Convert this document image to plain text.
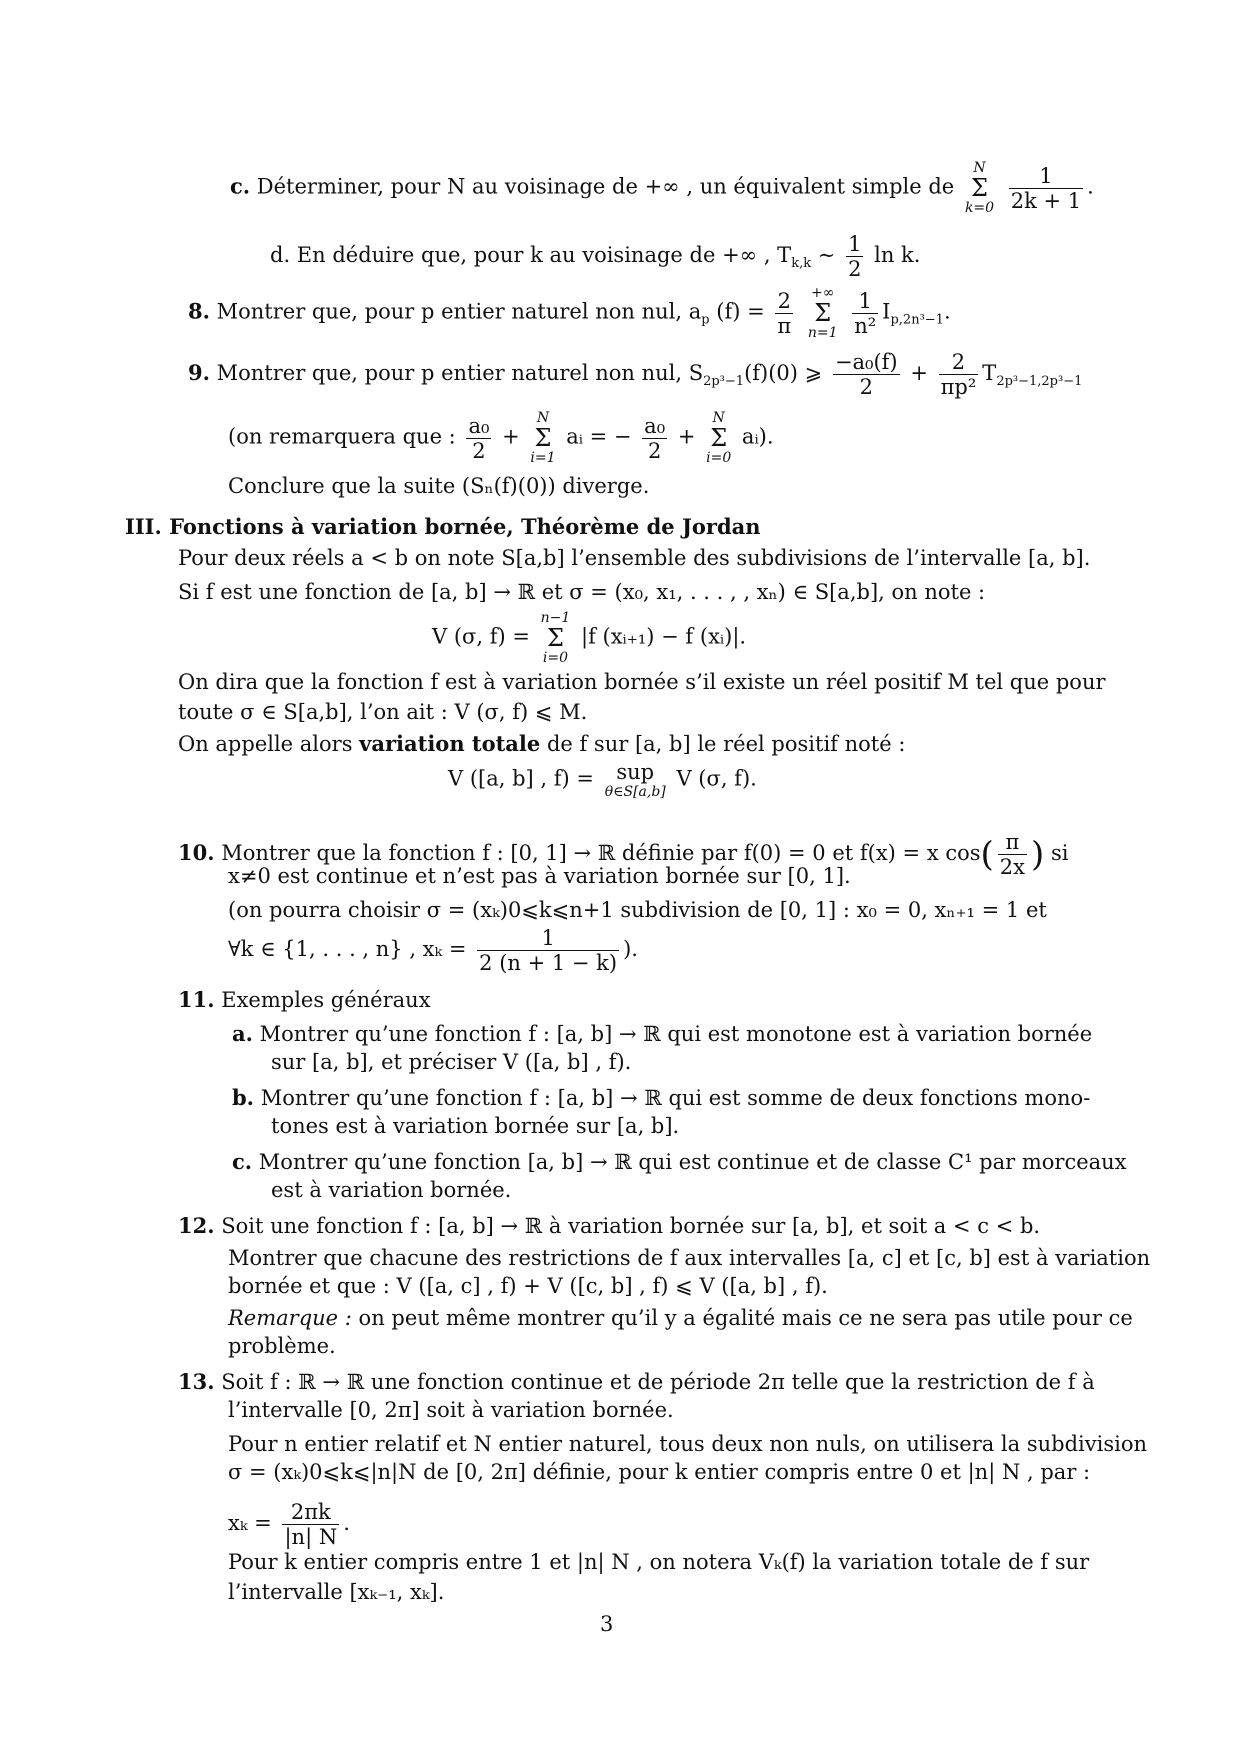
c. Déterminer, pour N au voisinage de +∞ , un équivalent simple de
N
Σ
k=0
$\frac{1}{2k + 1}$ .
d. En déduire que, pour k au voisinage de +∞ , $T_{k,k}$ ∼ $\frac{1}{2}$ ln k.
8. Montrer que, pour p entier naturel non nul, $a_p$ $(f) = \frac{2}{\pi}$
+∞
Σ
n=1
$\frac{1}{\text{n²}} I_{p,2n^3-1}$.
9. Montrer que, pour p entier naturel non nul, $S_{2p^3-1}(f)(0)$ ⩾ $\frac{\text{−a₀(f)}}{2} + \frac{2}{\text{πp²}} T_{2p^3-1,2p^3-1}$
(on remarquera que : $\frac{\text{a₀}}{2}$ +
N
Σ
i=1
aᵢ = − $\frac{\text{a₀}}{2}$ +
N
Σ
i=0
aᵢ).
Conclure que la suite (Sₙ(f)(0)) diverge.
III. Fonctions à variation bornée, Théorème de Jordan
Pour deux réels a < b on note S[a,b] l’ensemble des subdivisions de l’intervalle [a, b].
Si f est une fonction de [a, b] → ℝ et σ = (x₀, x₁, . . . , , xₙ) ∈ S[a,b], on note :
V (σ, f) =
n−1
Σ
i=0
|f (xᵢ₊₁) − f (xᵢ)|.
On dira que la fonction f est à variation bornée s’il existe un réel positif M tel que pour
toute σ ∈ S[a,b], l’on ait : V (σ, f) ⩽ M.
On appelle alors variation totale de f sur [a, b] le réel positif noté :
V ([a, b] , f) =	sup
θ∈S[a,b]
V (σ, f).
10. Montrer que la fonction f : [0, 1] → ℝ définie par f(0) = 0 et f(x) = x $\cos( \frac{\pi}{2x}$ ) si
x≠0 est continue et n’est pas à variation bornée sur [0, 1].
(on pourra choisir σ = (xₖ)0⩽k⩽n+1 subdivision de [0, 1] : x₀ = 0, xₙ₊₁ = 1 et
∀k ∈ {1, . . . , n} , $x_k = \frac{1}{2 (n + 1 - k)}$ ).
11. Exemples généraux
a. Montrer qu’une fonction f : [a, b] → ℝ qui est monotone est à variation bornée
sur [a, b], et préciser V ([a, b] , f).
b. Montrer qu’une fonction f : [a, b] → ℝ qui est somme de deux fonctions mono-
tones est à variation bornée sur [a, b].
c. Montrer qu’une fonction [a, b] → ℝ qui est continue et de classe C¹ par morceaux
est à variation bornée.
12. Soit une fonction f : [a, b] → ℝ à variation bornée sur [a, b], et soit a < c < b.
Montrer que chacune des restrictions de f aux intervalles [a, c] et [c, b] est à variation
bornée et que : V ([a, c] , f) + V ([c, b] , f) ⩽ V ([a, b] , f).
Remarque : on peut même montrer qu’il y a égalité mais ce ne sera pas utile pour ce
problème.
13. Soit f : ℝ → ℝ une fonction continue et de période 2π telle que la restriction de f à
l’intervalle [0, 2π] soit à variation bornée.
Pour n entier relatif et N entier naturel, tous deux non nuls, on utilisera la subdivision
σ = (xₖ)0⩽k⩽|n|N de [0, 2π] définie, pour k entier compris entre 0 et |n| N , par :
$x_k = \frac{2\pi k}{|n| N}$ .
Pour k entier compris entre 1 et |n| N , on notera Vₖ(f) la variation totale de f sur
l’intervalle [xₖ₋₁, xₖ].
3
